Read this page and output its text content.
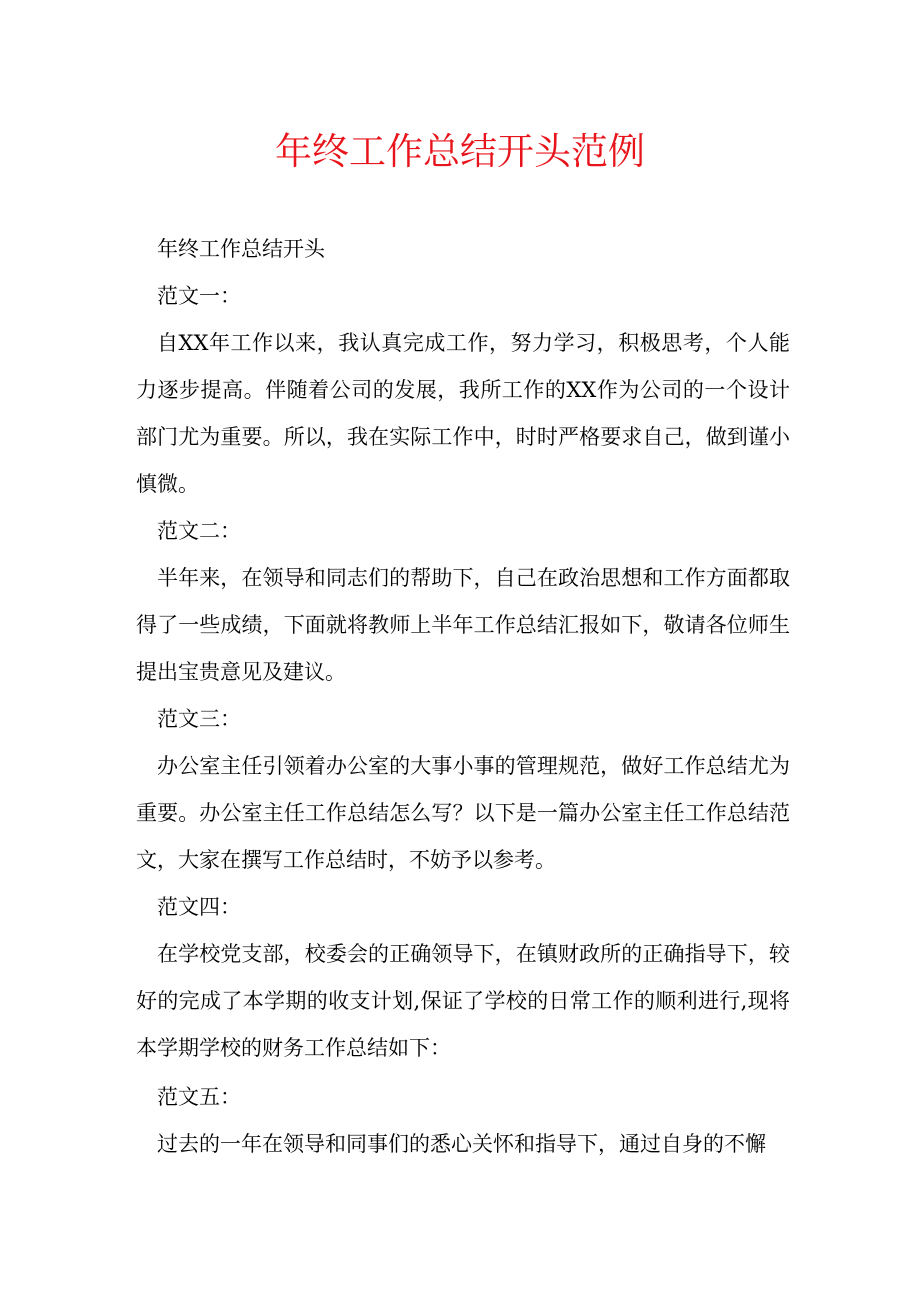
年终工作总结开头范例

年终工作总结开头

范文一：

自XX年工作以来，我认真完成工作，努力学习，积极思考，个人能力逐步提高。伴随着公司的发展，我所工作的XX作为公司的一个设计部门尤为重要。所以，我在实际工作中，时时严格要求自己，做到谨小慎微。

范文二：

半年来，在领导和同志们的帮助下，自己在政治思想和工作方面都取得了一些成绩，下面就将教师上半年工作总结汇报如下，敬请各位师生提出宝贵意见及建议。

范文三：

办公室主任引领着办公室的大事小事的管理规范，做好工作总结尤为重要。办公室主任工作总结怎么写？以下是一篇办公室主任工作总结范文，大家在撰写工作总结时，不妨予以参考。

范文四：

在学校党支部，校委会的正确领导下，在镇财政所的正确指导下，较好的完成了本学期的收支计划,保证了学校的日常工作的顺利进行,现将本学期学校的财务工作总结如下：

范文五：

过去的一年在领导和同事们的悉心关怀和指导下，通过自身的不懈
